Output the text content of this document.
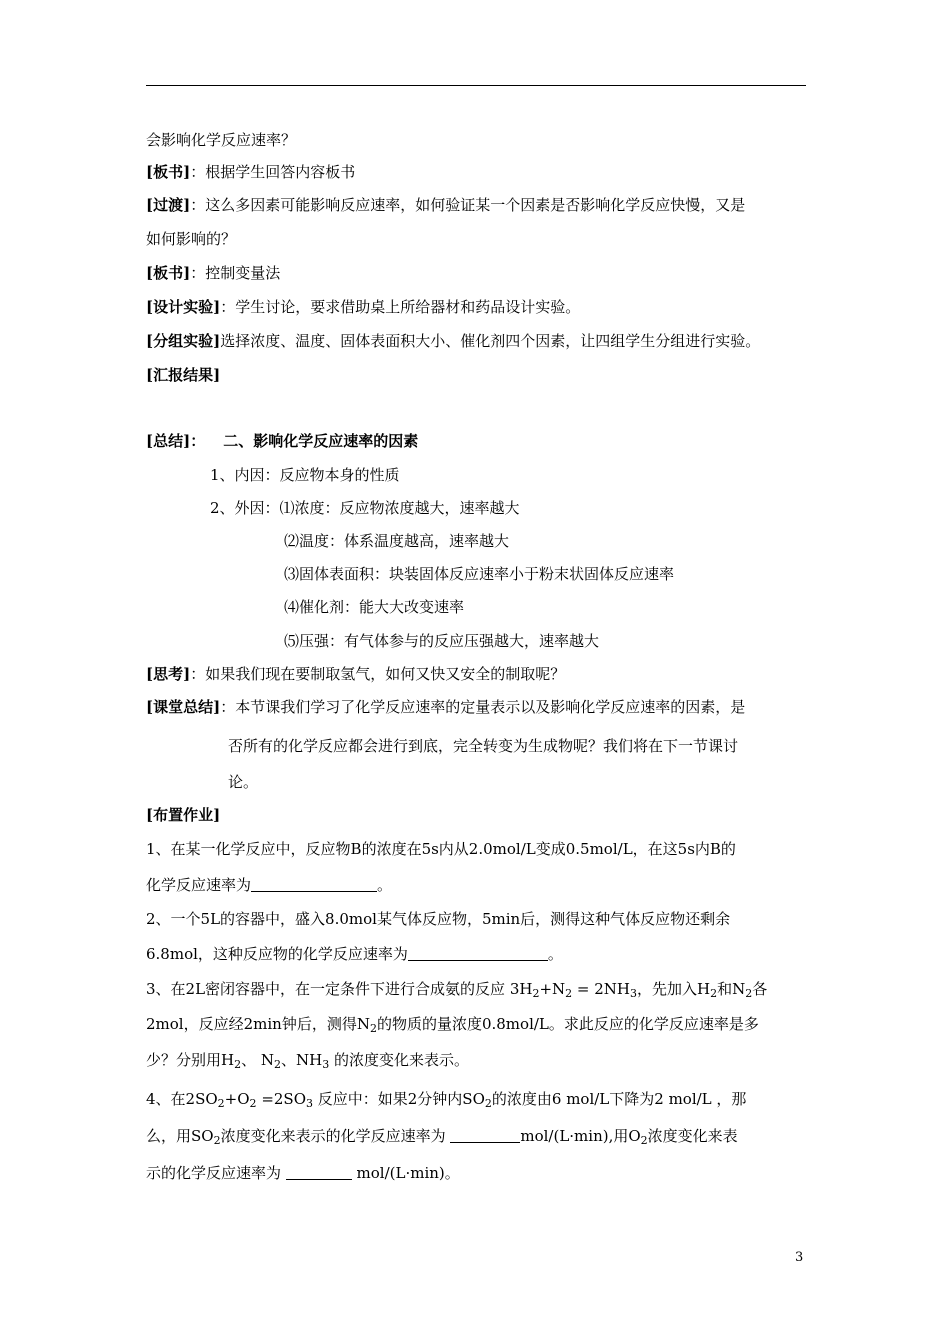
会影响化学反应速率？
[板书]：根据学生回答内容板书
[过渡]：这么多因素可能影响反应速率，如何验证某一个因素是否影响化学反应快慢，又是
如何影响的？
[板书]：控制变量法
[设计实验]：学生讨论，要求借助桌上所给器材和药品设计实验。
[分组实验]选择浓度、温度、固体表面积大小、催化剂四个因素，让四组学生分组进行实验。
[汇报结果]
[总结]： 二、影响化学反应速率的因素
1、内因：反应物本身的性质
2、外因：⑴浓度：反应物浓度越大，速率越大
⑵温度：体系温度越高，速率越大
⑶固体表面积：块装固体反应速率小于粉末状固体反应速率
⑷催化剂：能大大改变速率
⑸压强：有气体参与的反应压强越大，速率越大
[思考]：如果我们现在要制取氢气，如何又快又安全的制取呢？
[课堂总结]：本节课我们学习了化学反应速率的定量表示以及影响化学反应速率的因素，是
否所有的化学反应都会进行到底，完全转变为生成物呢？我们将在下一节课讨
论。
[布置作业]
1、在某一化学反应中，反应物B的浓度在5s内从2.0mol/L变成0.5mol/L，在这5s内B的
化学反应速率为	。
2、一个5L的容器中，盛入8.0mol某气体反应物，5min后，测得这种气体反应物还剩余
6.8mol，这种反应物的化学反应速率为	。
3、在2L密闭容器中，在一定条件下进行合成氨的反应 $3H_2+N_2 = 2NH_3$，先加入$H_2$和$N_2$各
2mol，反应经2min钟后，测得$N_2$的物质的量浓度0.8mol/L。求此反应的化学反应速率是多
少？分别用$H_2$、 $N_2$、$NH_3$ 的浓度变化来表示。
4、在$2SO_2+O_2 =2SO_3$ 反应中：如果2分钟内$SO_2$的浓度由6 mol/L下降为2 mol/L ，那
么，用$SO_2$浓度变化来表示的化学反应速率为	mol/(L·min),用$O_2$浓度变化来表
示的化学反应速率为	mol/(L·min)。
3
